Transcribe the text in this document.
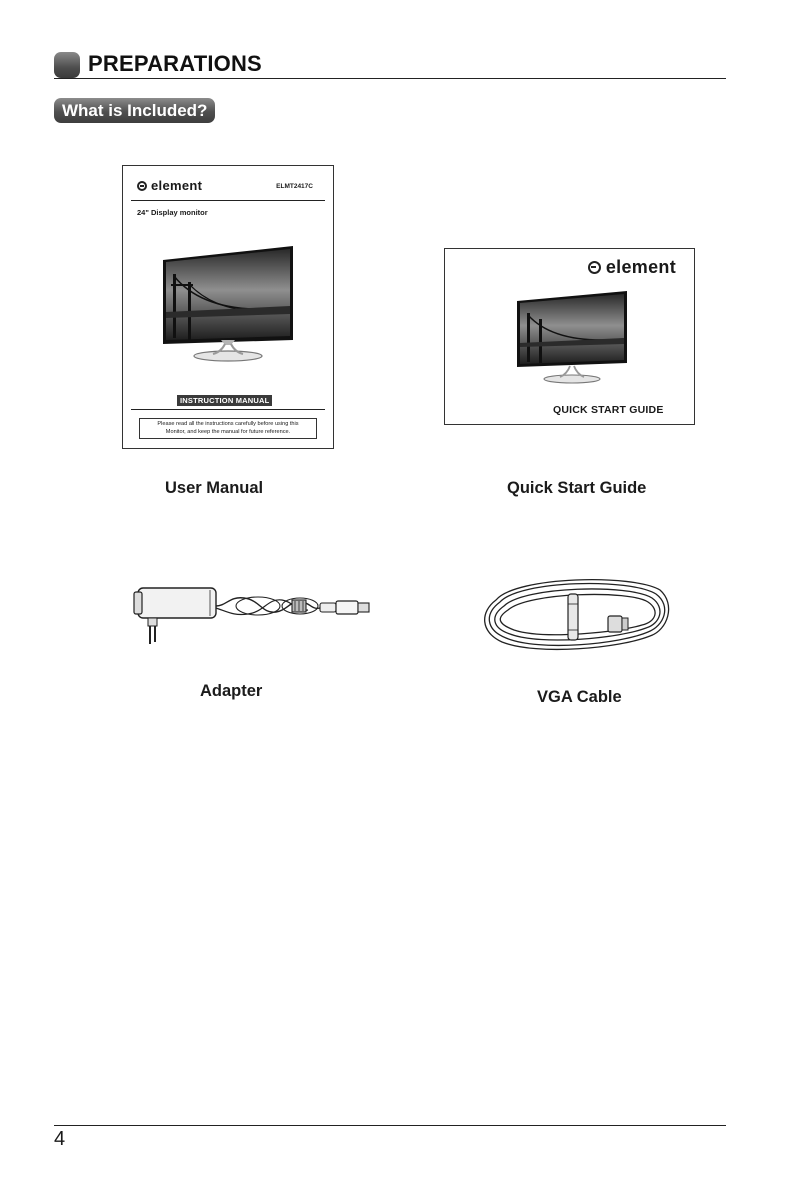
PREPARATIONS
What is Included?
element	ELMT2417C
24" Display monitor
INSTRUCTION MANUAL
Please read all the instructions carefully before using this
Monitor, and keep the manual for future reference.
User Manual
element
QUICK START GUIDE
Quick Start Guide
Adapter	VGA Cable
4
